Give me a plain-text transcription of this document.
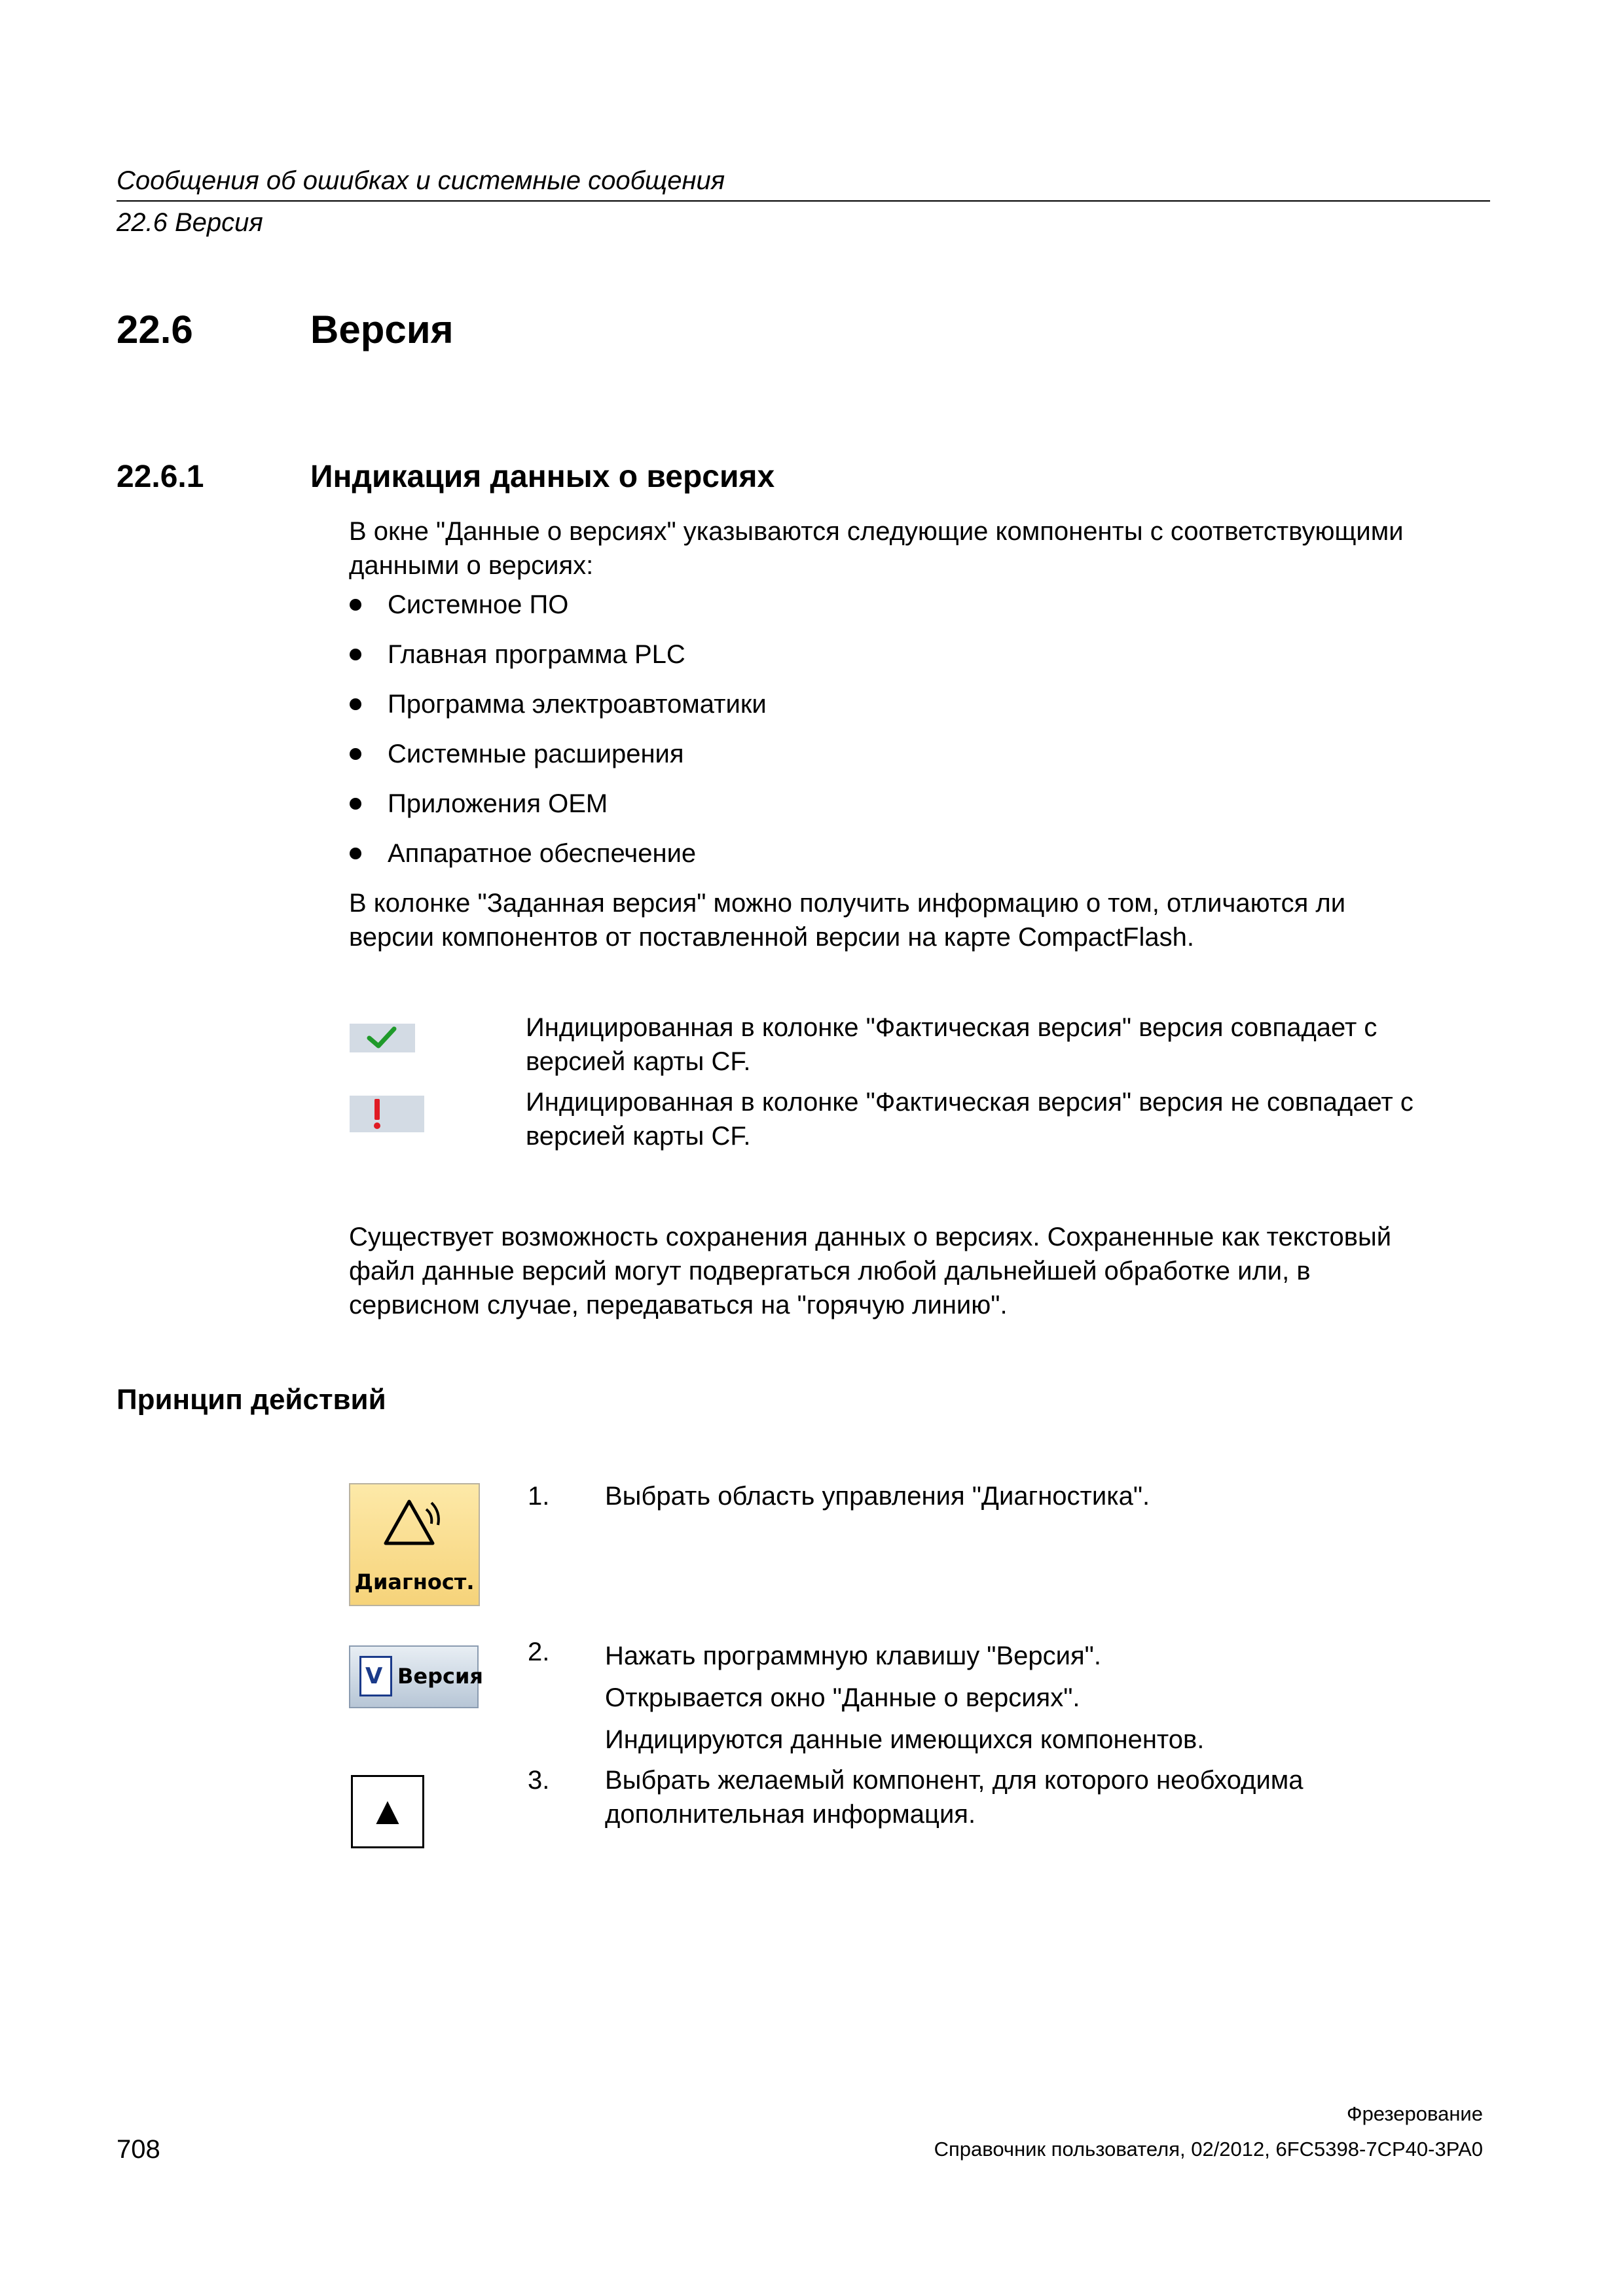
Сообщения об ошибках и системные сообщения
22.6 Версия
22.6	Версия
22.6.1	Индикация данных о версиях
В окне "Данные о версиях" указываются следующие компоненты с соответствующими
данными о версиях:
Системное ПО
Главная программа PLC
Программа электроавтоматики
Системные расширения
Приложения OEM
Аппаратное обеспечение
В колонке "Заданная версия" можно получить информацию о том, отличаются ли
версии компонентов от поставленной версии на карте CompactFlash.
Индицированная в колонке "Фактическая версия" версия совпадает с
версией карты CF.
Индицированная в колонке "Фактическая версия" версия не совпадает с
версией карты CF.
Существует возможность сохранения данных о версиях. Сохраненные как текстовый
файл данные версий могут подвергаться любой дальнейшей обработке или, в
сервисном случае, передаваться на "горячую линию".
Принцип действий
Диагност.
1. Выбрать область управления "Диагностика".
V Версия
2. Нажать программную клавишу "Версия".
Открывается окно "Данные о версиях".
Индицируются данные имеющихся компонентов.
▲
3. Выбрать желаемый компонент, для которого необходима
дополнительная информация.
708
Фрезерование
Справочник пользователя, 02/2012, 6FC5398-7CP40-3PA0
